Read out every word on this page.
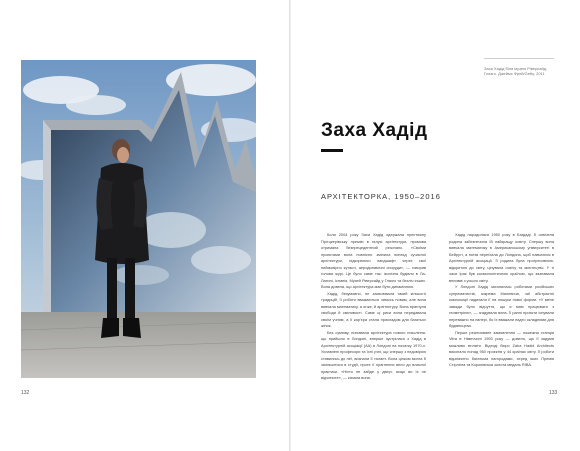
132
Заха Хадід біля музею Ріверсайд, Глазго. Джеймс Фрей/Getty, 2011
Заха Хадід
АРХІТЕКТОРКА, 1950–2016

Коли 2004 року Заха Хадід одержала престижну Прітцкерівську премію в галузі архітектури, промова отримала безпрецедентний резонанс. «Своїми проєктами вона повністю змінила вигляд сучасної архітектури, підкорюючи ландшафт через свої неймовірно кутасті, аеродинамічні споруди», — говорив голова журі. Це було саме так: іконічна будівля в Ла-Латині, Іспанія, Музей Ріверсайд у Глазго та безліч інших. Вона довела, що архітектура має бути динамічною.

Хадід, безумовно, не засвоювала такий кількості традицій, її роботи вважаються чимось новим, але вона вивчала математику, а отже, й архітектуру. Вона прагнула свободи й сміливості. Саме ці риси вона передавала своїм учням, а її кар'єра стала прикладом для багатьох жінок.

Без сумніву, пізнавана архітектура нового покоління, що прийшло в Лондоні, вперше зустрілася з Хадід в Архітектурній асоціації (АА) в Лондоні на початку 1970-х. Уславлені професори та їхні учні, що спершу з недовірою ставились до неї, визнали її талант. Вона цілком могла б залишитися в студії, проте її прагнення вело до власної практики. «Ніхто не зайде у двері, якщо ви їх не відчините», — казала вона.

Хадід народилася 1950 року в Багдаді. Її освічена родина забезпечила їй найкращу освіту. Спершу вона вивчала математику в Американському університеті в Бейруті, а потім переїхала до Лондона, щоб навчатися в Архітектурній асоціації. Її родина була прогресивною, відкритою до світу, цінувала освіту та мистецтво. У ті часи Ірак був космополітичною країною, що зазнавала впливів з усього світу.

У Лондоні Хадід захопилась роботами російських супрематистів, зокрема Малевича, чиї абстрактні композиції надихали її на пошуки нової форми. «У мене завжди було відчуття, що я маю працювати з геометрією», — згадувала вона. Її ранні проєкти існували переважно на папері, бо їх вважали надто складними для будівництва.

Перше реалізоване замовлення — пожежна станція Vitra в Німеччині 1993 року — довело, що її задуми можливо втілити. Відтоді бюро Zaha Hadid Architects виконало понад 950 проєктів у 44 країнах світу. Її роботи відзначено багатьма нагородами, серед яких Премія Стірлінга та Королівська золота медаль RIBA.

133
